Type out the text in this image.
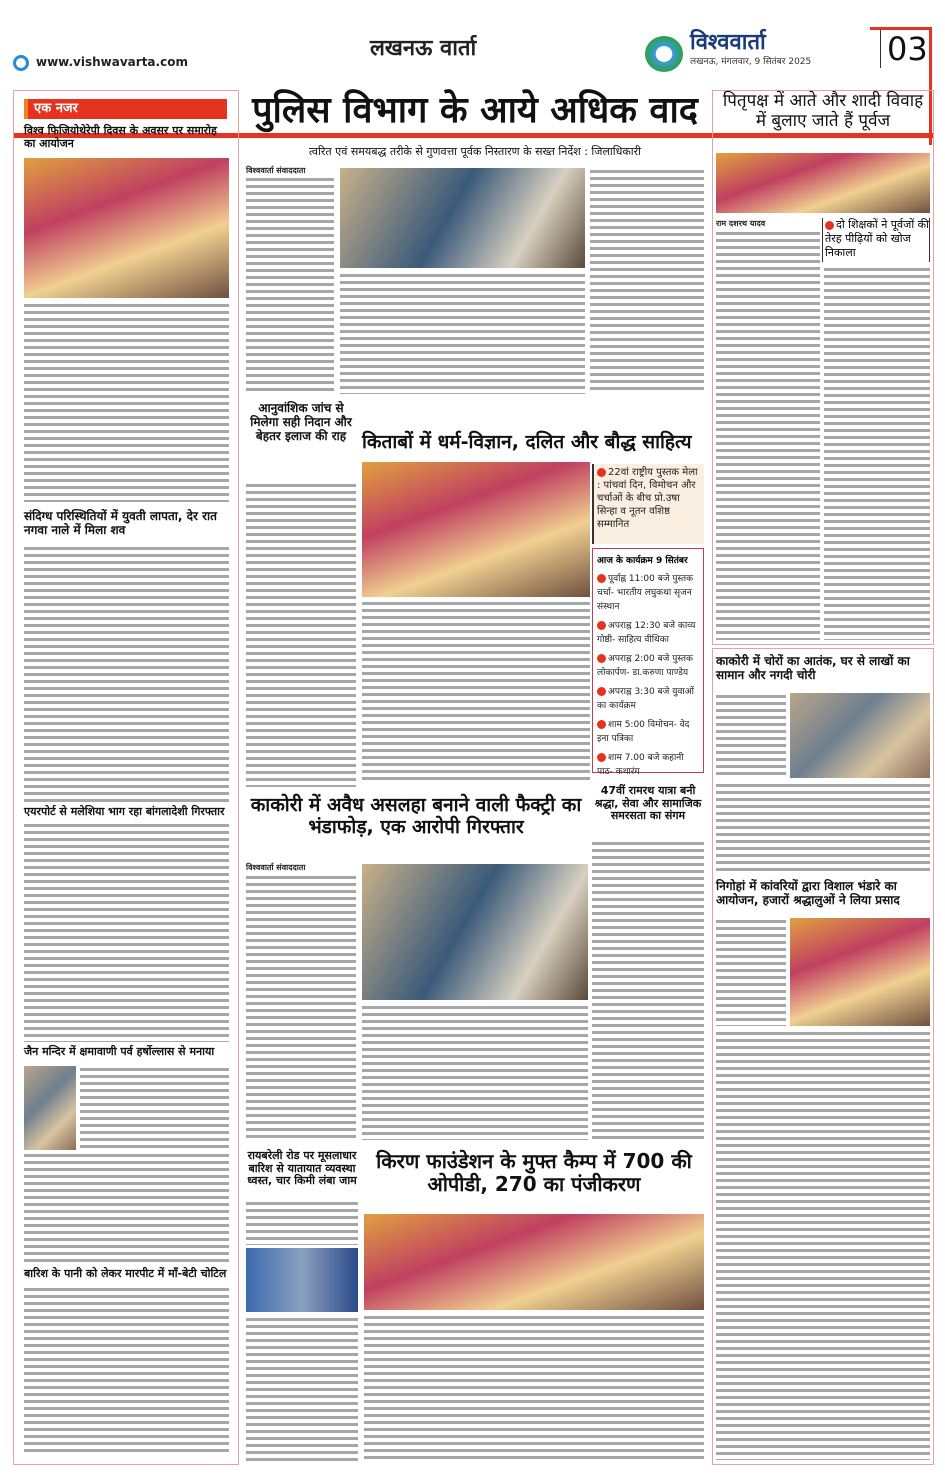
www.vishwavarta.com
लखनऊ वार्ता	विश्ववार्ता
लखनऊ, मंगलवार, 9 सितंबर 2025 03
एक नजर
विश्व फिजियोथेरेपी दिवस के अवसर पर समारोह का आयोजन
संदिग्ध परिस्थितियों में युवती लापता, देर रात नगवा नाले में मिला शव
एयरपोर्ट से मलेशिया भाग रहा बांगलादेशी गिरफ्तार
जैन मन्दिर में क्षमावाणी पर्व हर्षोल्लास से मनाया
बारिश के पानी को लेकर मारपीट में माँ-बेटी चोटिल
पुलिस विभाग के आये अधिक वाद
त्वरित एवं समयबद्ध तरीके से गुणवत्ता पूर्वक निस्तारण के सख्त निर्देश : जिलाधिकारी
विश्ववार्ता संवाददाता
आनुवांशिक जांच से मिलेगा सही निदान और बेहतर इलाज की राह किताबों में धर्म-विज्ञान, दलित और बौद्ध साहित्य
22वां राष्ट्रीय पुस्तक मेला : पांचवां दिन, विमोचन और चर्चाओं के बीच प्रो.उषा सिन्हा व नूतन वशिष्ठ सम्मानित
आज के कार्यक्रम 9 सितंबर
पूर्वाह्न 11:00 बजे पुस्तक चर्चा- भारतीय लघुकथा सृजन संस्थान
अपराह्न 12:30 बजे काव्य गोष्ठी- साहित्य वीथिका
अपराह्न 2:00 बजे पुस्तक लोकार्पण- डा.करुणा पाण्डेय
अपराह्न 3:30 बजे युवाओं का कार्यक्रम
शाम 5:00 विमोचन- वेद इना पत्रिका
शाम 7.00 बजे कहानी पाठ- कथारंग
47वीं रामरथ यात्रा बनी श्रद्धा, सेवा और सामाजिक समरसता का संगम
काकोरी में अवैध असलहा बनाने वाली फैक्ट्री का भंडाफोड़, एक आरोपी गिरफ्तार
विश्ववार्ता संवाददाता
रायबरेली रोड पर मूसलाधार बारिश से यातायात व्यवस्था ध्वस्त, चार किमी लंबा जाम
किरण फाउंडेशन के मुफ्त कैम्प में 700 की ओपीडी, 270 का पंजीकरण
पितृपक्ष में आते और शादी विवाह में बुलाए जाते हैं पूर्वज
राम दशरथ यादव	दो शिक्षकों ने पूर्वजों की तेरह पीढ़ियों को खोज निकाला
काकोरी में चोरों का आतंक, घर से लाखों का सामान और नगदी चोरी
निगोहां में कांवरियों द्वारा विशाल भंडारे का आयोजन, हजारों श्रद्धालुओं ने लिया प्रसाद
